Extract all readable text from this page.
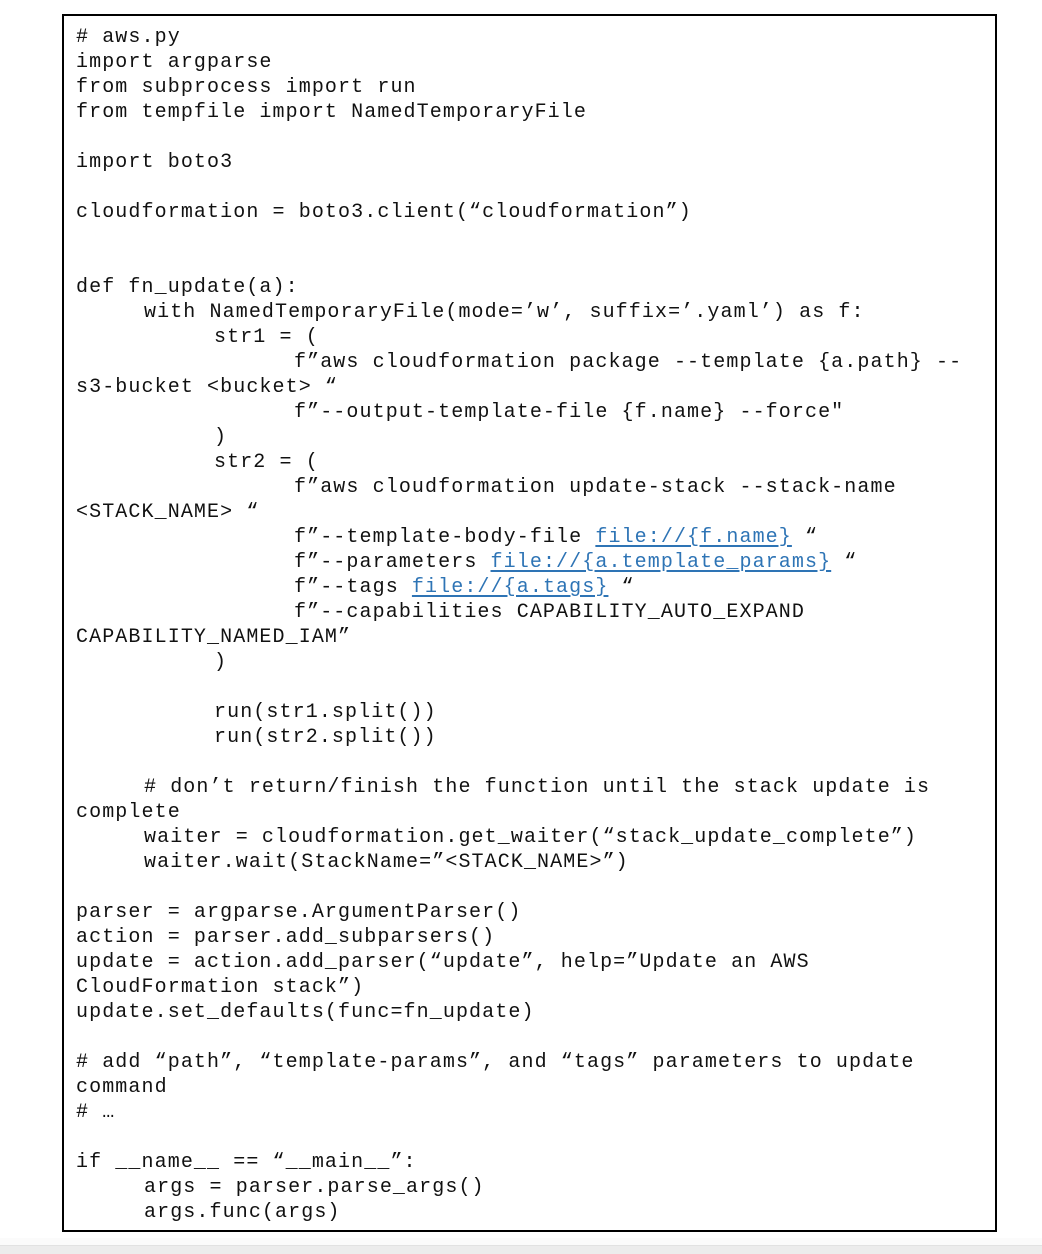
# aws.py
import argparse
from subprocess import run
from tempfile import NamedTemporaryFile
import boto3
cloudformation = boto3.client(“cloudformation”)
def fn_update(a):
with NamedTemporaryFile(mode=’w’, suffix=’.yaml’) as f:
str1 = (
f”aws cloudformation package --template {a.path} --
s3-bucket <bucket> “
f”--output-template-file {f.name} --force"
)
str2 = (
f”aws cloudformation update-stack --stack-name
<STACK_NAME> “
f”--template-body-file file://{f.name} “
f”--parameters file://{a.template_params} “
f”--tags file://{a.tags} “
f”--capabilities CAPABILITY_AUTO_EXPAND
CAPABILITY_NAMED_IAM”
)
run(str1.split())
run(str2.split())
# don’t return/finish the function until the stack update is
complete
waiter = cloudformation.get_waiter(“stack_update_complete”)
waiter.wait(StackName=”<STACK_NAME>”)
parser = argparse.ArgumentParser()
action = parser.add_subparsers()
update = action.add_parser(“update”, help=”Update an AWS
CloudFormation stack”)
update.set_defaults(func=fn_update)
# add “path”, “template-params”, and “tags” parameters to update
command
# …
if __name__ == “__main__”:
args = parser.parse_args()
args.func(args)
